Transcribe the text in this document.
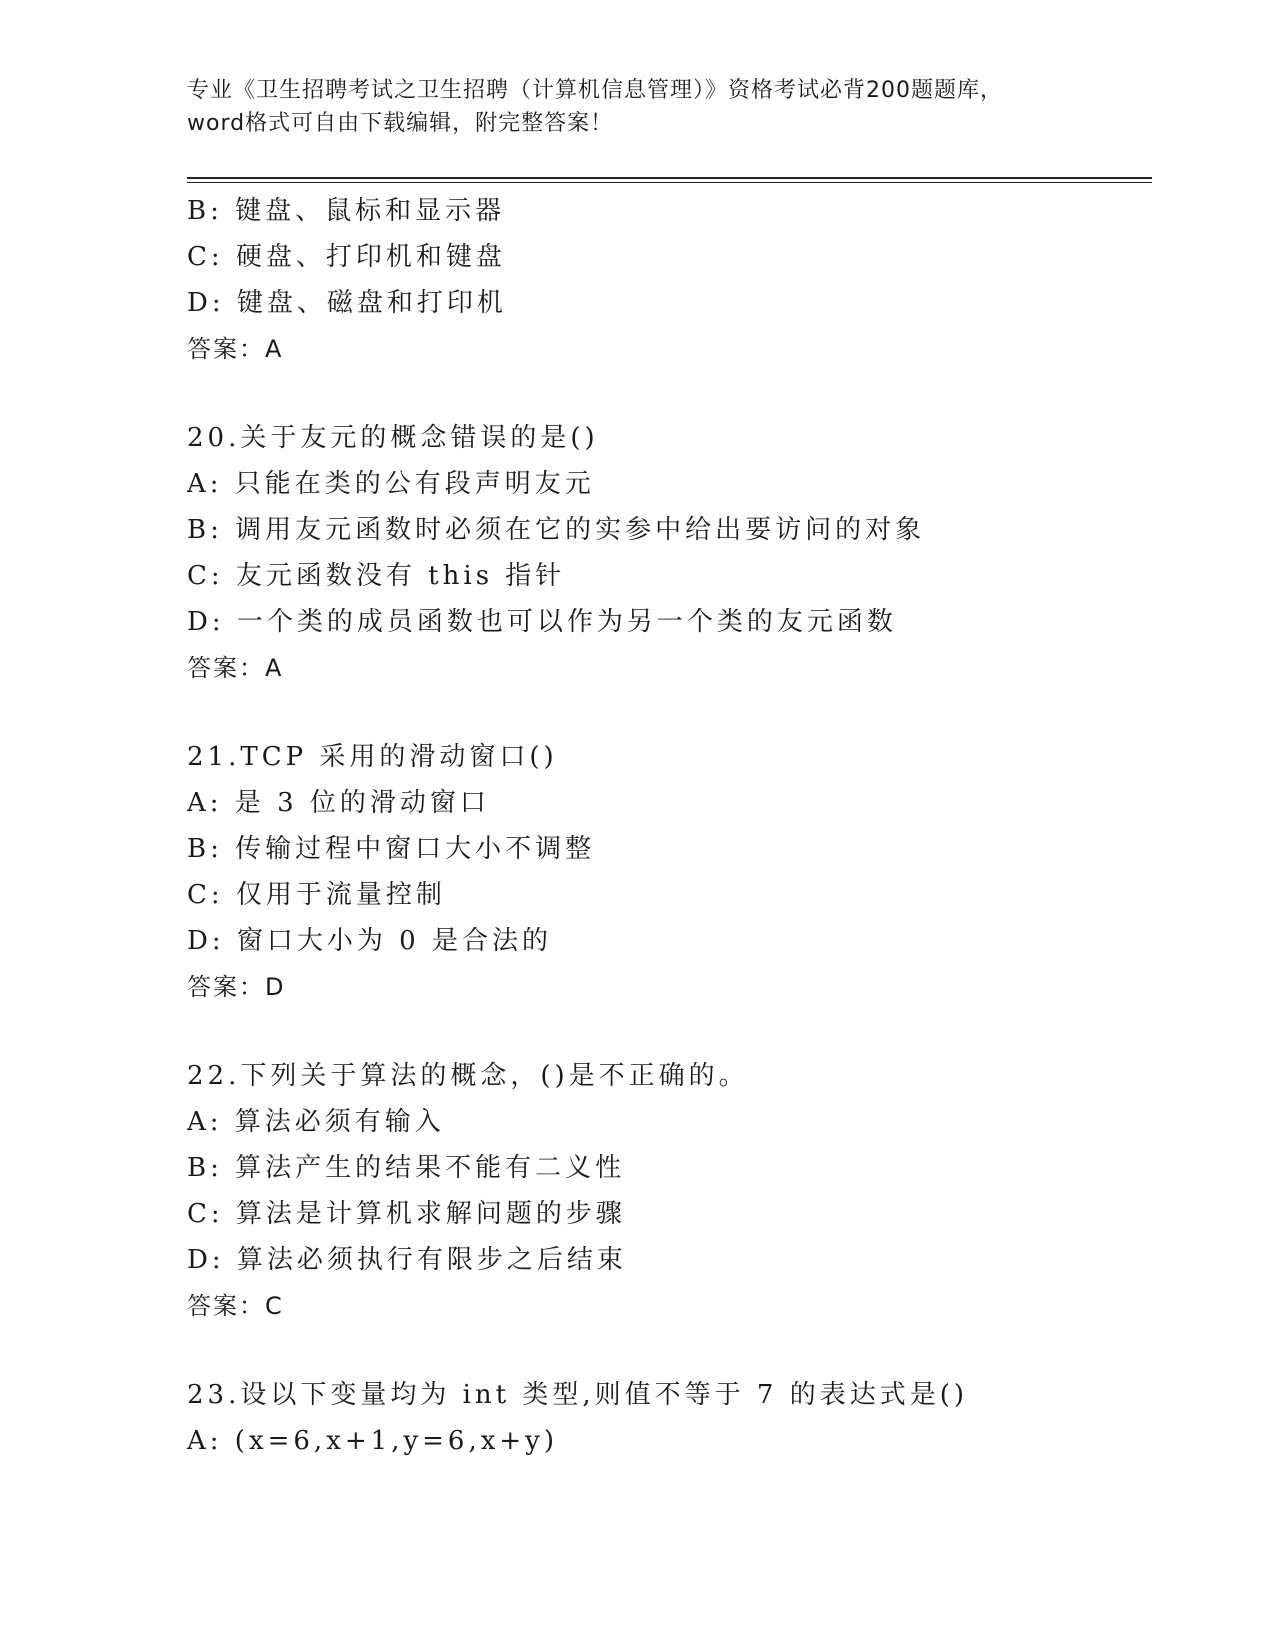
专业《卫生招聘考试之卫生招聘（计算机信息管理）》资格考试必背200题题库，
word格式可自由下载编辑，附完整答案！
B: 键盘、鼠标和显示器
C: 硬盘、打印机和键盘
D: 键盘、磁盘和打印机
答案：A
20.关于友元的概念错误的是()
A: 只能在类的公有段声明友元
B: 调用友元函数时必须在它的实参中给出要访问的对象
C: 友元函数没有 this 指针
D: 一个类的成员函数也可以作为另一个类的友元函数
答案：A
21.TCP 采用的滑动窗口()
A: 是 3 位的滑动窗口
B: 传输过程中窗口大小不调整
C: 仅用于流量控制
D: 窗口大小为 0 是合法的
答案：D
22.下列关于算法的概念，()是不正确的。
A: 算法必须有输入
B: 算法产生的结果不能有二义性
C: 算法是计算机求解问题的步骤
D: 算法必须执行有限步之后结束
答案：C
23.设以下变量均为 int 类型,则值不等于 7 的表达式是()
A: (x=6,x+1,y=6,x+y)
